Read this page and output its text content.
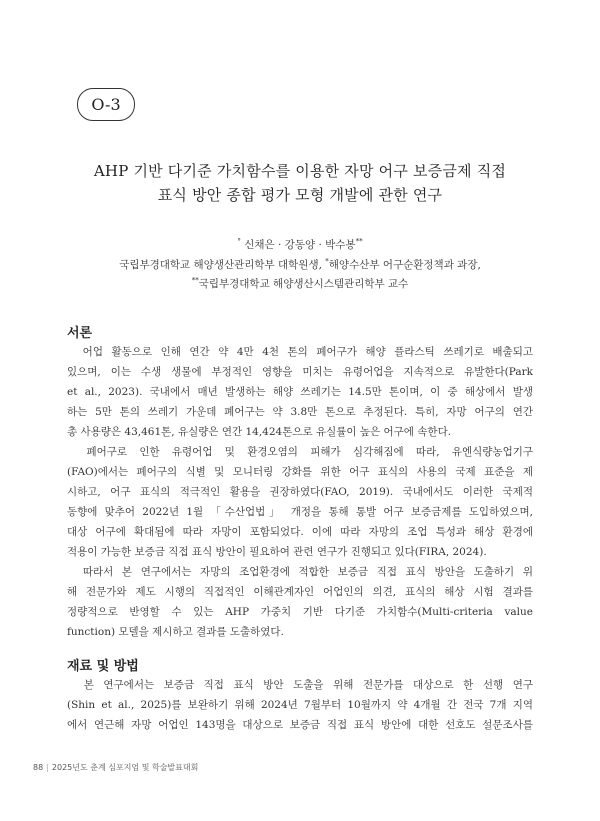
O-3
AHP 기반 다기준 가치함수를 이용한 자망 어구 보증금제 직접
표식 방안 종합 평가 모형 개발에 관한 연구
° 신채은 · 강동양 · 박수봉**
국립부경대학교 해양생산관리학부 대학원생, *해양수산부 어구순환정책과 과장,
**국립부경대학교 해양생산시스템관리학부 교수
서론
　어업 활동으로 인해 연간 약 4만 4천 톤의 폐어구가 해양 플라스틱 쓰레기로 배출되고
있으며, 이는 수생 생물에 부정적인 영향을 미치는 유령어업을 지속적으로 유발한다(Park
et al., 2023). 국내에서 매년 발생하는 해양 쓰레기는 14.5만 톤이며, 이 중 해상에서 발생
하는 5만 톤의 쓰레기 가운데 폐어구는 약 3.8만 톤으로 추정된다. 특히, 자망 어구의 연간
총 사용량은 43,461톤, 유실량은 연간 14,424톤으로 유실률이 높은 어구에 속한다.
　폐어구로 인한 유령어업 및 환경오염의 피해가 심각해짐에 따라, 유엔식량농업기구
(FAO)에서는 폐어구의 식별 및 모니터링 강화를 위한 어구 표식의 사용의 국제 표준을 제
시하고, 어구 표식의 적극적인 활용을 권장하였다(FAO, 2019). 국내에서도 이러한 국제적
동향에 맞추어 2022년 1월 「수산업법」 개정을 통해 통발 어구 보증금제를 도입하였으며,
대상 어구에 확대됨에 따라 자망이 포함되었다. 이에 따라 자망의 조업 특성과 해상 환경에
적용이 가능한 보증금 직접 표식 방안이 필요하여 관련 연구가 진행되고 있다(FIRA, 2024).
　따라서 본 연구에서는 자망의 조업환경에 적합한 보증금 직접 표식 방안을 도출하기 위
해 전문가와 제도 시행의 직접적인 이해관계자인 어업인의 의견, 표식의 해상 시험 결과를
정량적으로 반영할 수 있는 AHP 가중치 기반 다기준 가치함수(Multi-criteria value
function) 모델을 제시하고 결과를 도출하였다.
재료 및 방법
　본 연구에서는 보증금 직접 표식 방안 도출을 위해 전문가를 대상으로 한 선행 연구
(Shin et al., 2025)를 보완하기 위해 2024년 7월부터 10월까지 약 4개월 간 전국 7개 지역
에서 연근해 자망 어업인 143명을 대상으로 보증금 직접 표식 방안에 대한 선호도 설문조사를
88 | 2025년도 춘계 심포지엄 및 학술발표대회
